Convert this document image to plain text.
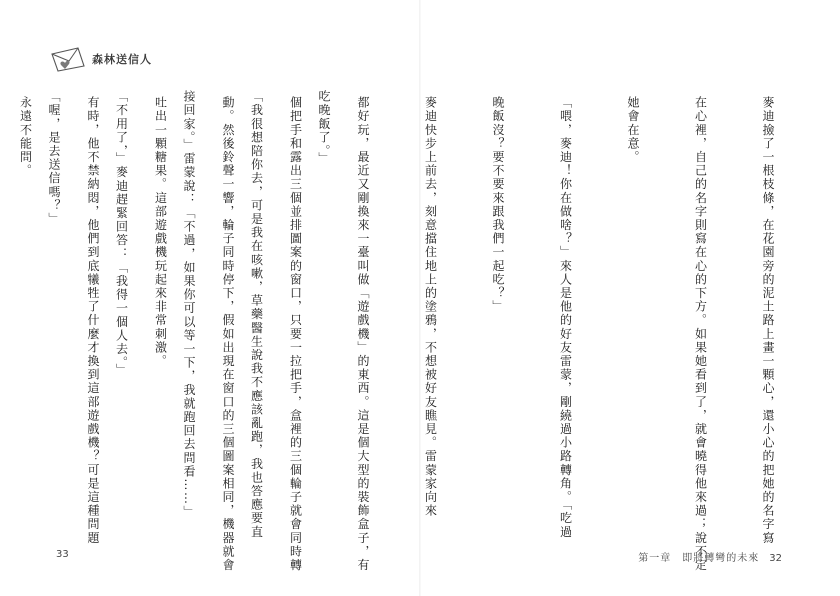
森林送信人

吃晚飯了。」

「我很想陪你去，可是我在咳嗽，草藥醫生說我不應該亂跑，我也答應要直

接回家。」雷蒙說：「不過，如果你可以等一下，我就跑回去問看……」

「不用了，」麥迪趕緊回答：「我得一個人去。」

「喔，是去送信嗎？」

33

麥迪撿了一根枝條，在花園旁的泥土路上畫一顆心，還小心的把她的名字寫

在心裡，自己的名字則寫在心的下方。如果她看到了，就會曉得他來過；說不定

她會在意。

「喂，麥迪！你在做啥？」來人是他的好友雷蒙，剛繞過小路轉角。「吃過

晚飯沒？要不要來跟我們一起吃？」

麥迪快步上前去，刻意擋住地上的塗鴉，不想被好友瞧見。雷蒙家向來

都好玩，最近又剛換來一臺叫做「遊戲機」的東西。這是個大型的裝飾盒子，有

個把手和露出三個並排圖案的窗口，只要一拉把手，盒裡的三個輪子就會同時轉

動。然後鈴聲一響，輪子同時停下，假如出現在窗口的三個圖案相同，機器就會

吐出一顆糖果。這部遊戲機玩起來非常刺激。

有時，他不禁納悶，他們到底犧牲了什麼才換到這部遊戲機？可是這種問題

永遠不能問。

第一章　即將轉彎的未來 32
